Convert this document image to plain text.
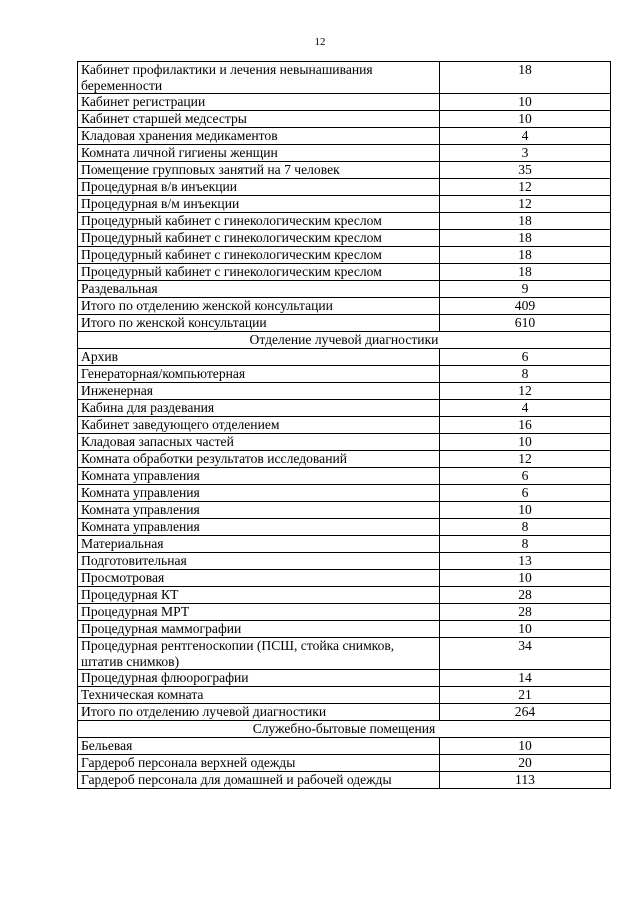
12
Кабинет профилактики и лечения невынашивания беременности	18
Кабинет регистрации	10
Кабинет старшей медсестры	10
Кладовая хранения медикаментов	4
Комната личной гигиены женщин	3
Помещение групповых занятий на 7 человек	35
Процедурная в/в инъекции	12
Процедурная в/м инъекции	12
Процедурный кабинет с гинекологическим креслом	18
Процедурный кабинет с гинекологическим креслом	18
Процедурный кабинет с гинекологическим креслом	18
Процедурный кабинет с гинекологическим креслом	18
Раздевальная	9
Итого по отделению женской консультации	409
Итого по женской консультации	610
Отделение лучевой диагностики	
Архив	6
Генераторная/компьютерная	8
Инженерная	12
Кабина для раздевания	4
Кабинет заведующего отделением	16
Кладовая запасных частей	10
Комната обработки результатов исследований	12
Комната управления	6
Комната управления	6
Комната управления	10
Комната управления	8
Материальная	8
Подготовительная	13
Просмотровая	10
Процедурная КТ	28
Процедурная МРТ	28
Процедурная маммографии	10
Процедурная рентгеноскопии (ПСШ, стойка снимков, штатив снимков)	34
Процедурная флюорографии	14
Техническая комната	21
Итого по отделению лучевой диагностики	264
Служебно-бытовые помещения	
Бельевая	10
Гардероб персонала верхней одежды	20
Гардероб персонала для домашней и рабочей одежды	113
